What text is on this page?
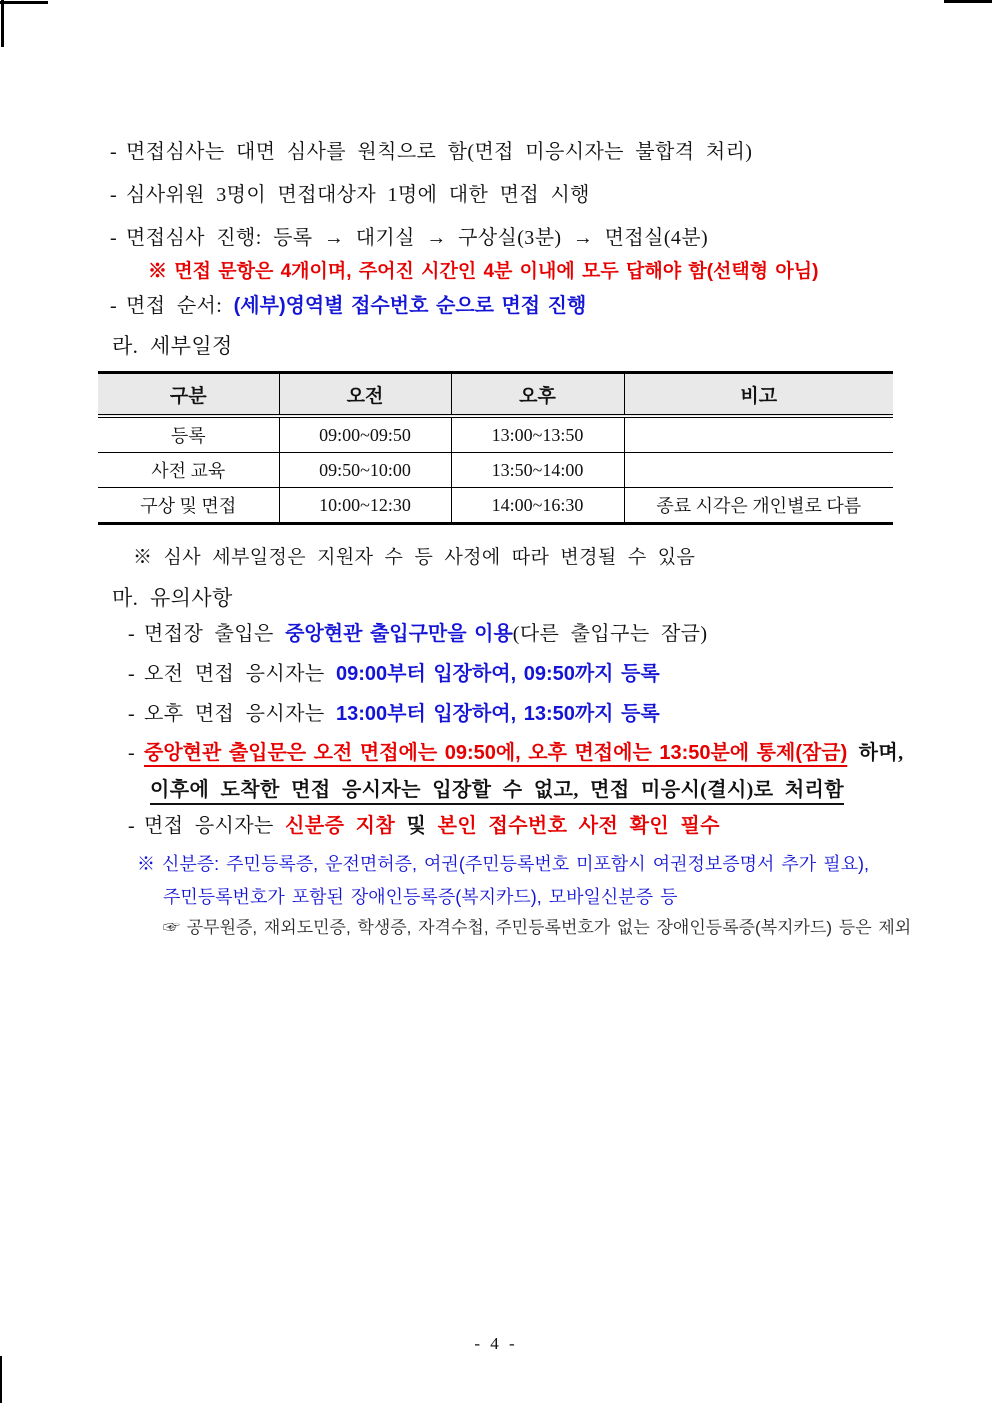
- 면접심사는 대면 심사를 원칙으로 함(면접 미응시자는 불합격 처리)
- 심사위원 3명이 면접대상자 1명에 대한 면접 시행
- 면접심사 진행: 등록 → 대기실 → 구상실(3분) → 면접실(4분)
※ 면접 문항은 4개이며, 주어진 시간인 4분 이내에 모두 답해야 함(선택형 아님)
- 면접 순서: (세부)영역별 접수번호 순으로 면접 진행
라. 세부일정
구분	오전	오후	비고
등록	09:00~09:50	13:00~13:50	
사전 교육	09:50~10:00	13:50~14:00	
구상 및 면접	10:00~12:30	14:00~16:30	종료 시각은 개인별로 다름
※ 심사 세부일정은 지원자 수 등 사정에 따라 변경될 수 있음
마. 유의사항
- 면접장 출입은 중앙현관 출입구만을 이용(다른 출입구는 잠금)
- 오전 면접 응시자는 09:00부터 입장하여, 09:50까지 등록
- 오후 면접 응시자는 13:00부터 입장하여, 13:50까지 등록
- 중앙현관 출입문은 오전 면접에는 09:50에, 오후 면접에는 13:50분에 통제(잠금) 하며,
이후에 도착한 면접 응시자는 입장할 수 없고, 면접 미응시(결시)로 처리함
- 면접 응시자는 신분증 지참 및 본인 접수번호 사전 확인 필수
※ 신분증: 주민등록증, 운전면허증, 여권(주민등록번호 미포함시 여권정보증명서 추가 필요),
주민등록번호가 포함된 장애인등록증(복지카드), 모바일신분증 등
☞ 공무원증, 재외도민증, 학생증, 자격수첩, 주민등록번호가 없는 장애인등록증(복지카드) 등은 제외
- 4 -
